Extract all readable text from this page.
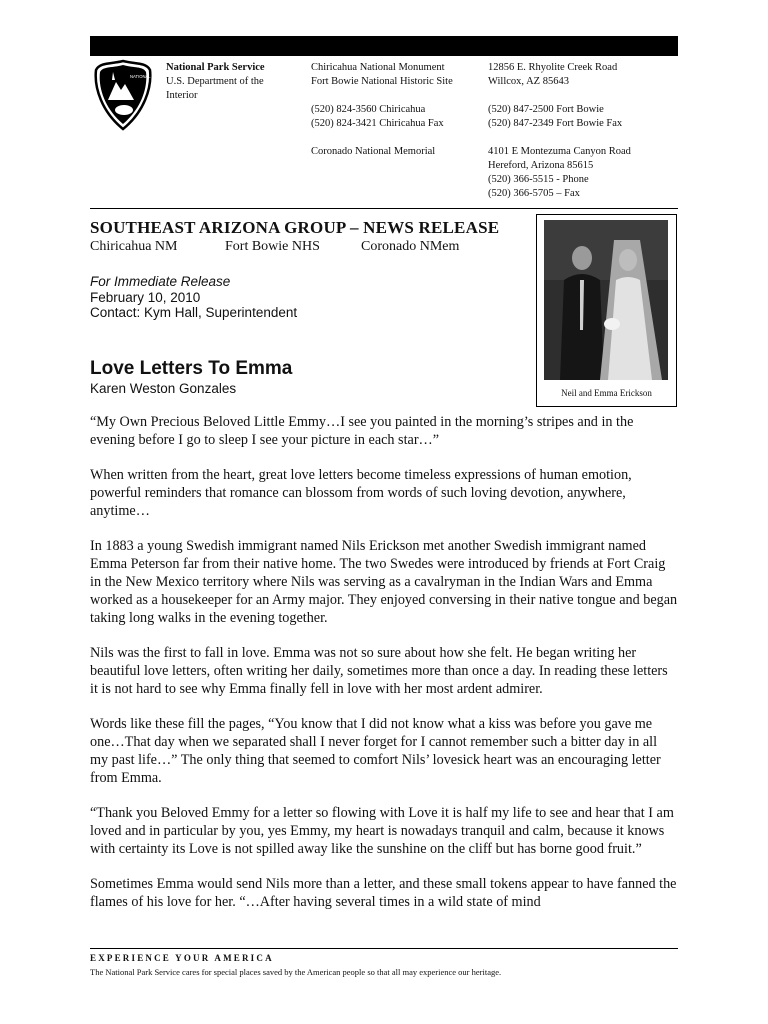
NATIONAL PARK SERVICE
National Park Service
U.S. Department of the
Interior
Chiricahua National Monument
Fort Bowie National Historic Site
(520) 824-3560 Chiricahua
(520) 824-3421 Chiricahua Fax
Coronado National Memorial
12856 E. Rhyolite Creek Road
Willcox, AZ 85643
(520) 847-2500 Fort Bowie
(520) 847-2349 Fort Bowie Fax
4101 E Montezuma Canyon Road
Hereford, Arizona 85615
(520) 366-5515 - Phone
(520) 366-5705 – Fax
SOUTHEAST ARIZONA GROUP – NEWS RELEASE
Chiricahua NM	Fort Bowie NHS	Coronado NMem
For Immediate Release
February 10, 2010
Contact: Kym Hall, Superintendent
Neil and Emma Erickson
Love Letters To Emma
Karen Weston Gonzales

“My Own Precious Beloved Little Emmy…I see you painted in the morning’s stripes and in the evening before I go to sleep I see your picture in each star…”

When written from the heart, great love letters become timeless expressions of human emotion, powerful reminders that romance can blossom from words of such loving devotion, anywhere, anytime…

In 1883 a young Swedish immigrant named Nils Erickson met another Swedish immigrant named Emma Peterson far from their native home. The two Swedes were introduced by friends at Fort Craig in the New Mexico territory where Nils was serving as a cavalryman in the Indian Wars and Emma worked as a housekeeper for an Army major. They enjoyed conversing in their native tongue and began taking long walks in the evening together.

Nils was the first to fall in love. Emma was not so sure about how she felt. He began writing her beautiful love letters, often writing her daily, sometimes more than once a day. In reading these letters it is not hard to see why Emma finally fell in love with her most ardent admirer.

Words like these fill the pages, “You know that I did not know what a kiss was before you gave me one…That day when we separated shall I never forget for I cannot remember such a bitter day in all my past life…” The only thing that seemed to comfort Nils’ lovesick heart was an encouraging letter from Emma.

“Thank you Beloved Emmy for a letter so flowing with Love it is half my life to see and hear that I am loved and in particular by you, yes Emmy, my heart is nowadays tranquil and calm, because it knows with certainty its Love is not spilled away like the sunshine on the cliff but has borne good fruit.”

Sometimes Emma would send Nils more than a letter, and these small tokens appear to have fanned the flames of his love for her. “…After having several times in a wild state of mind

EXPERIENCE YOUR AMERICA
The National Park Service cares for special places saved by the American people so that all may experience our heritage.
